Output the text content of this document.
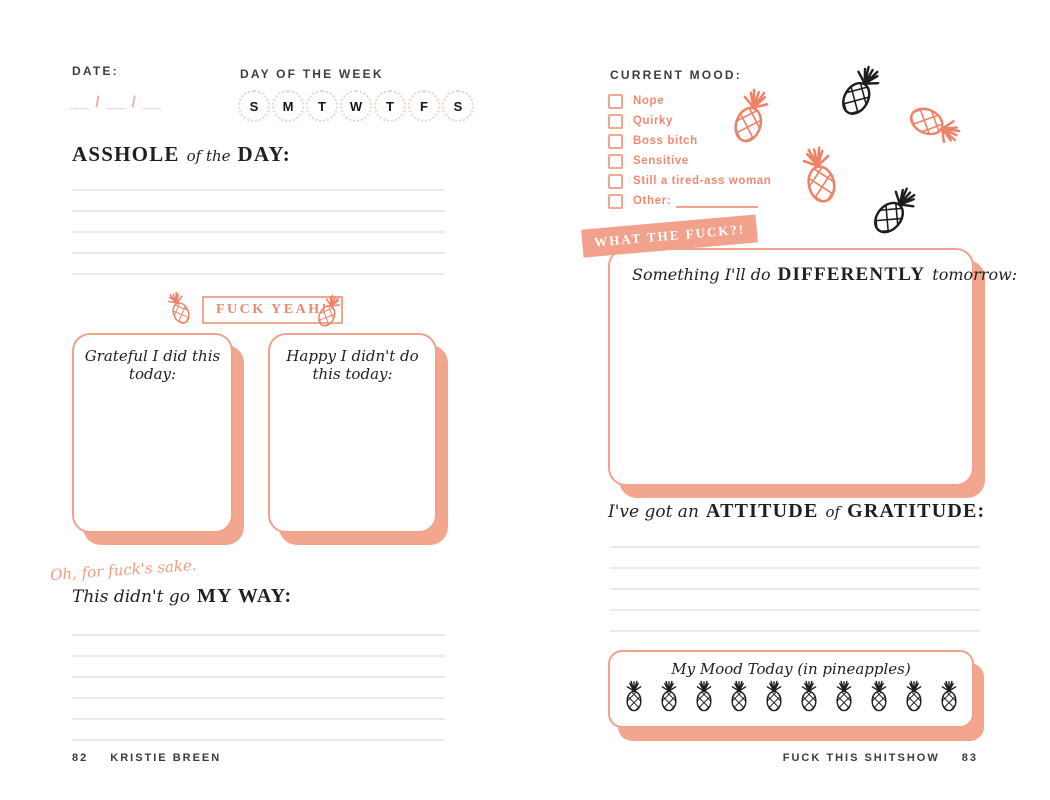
DATE:
__ / __ / __
DAY OF THE WEEK
S	M	T	W	T	F	S
ASSHOLE of the DAY:
FUCK YEAH!
Grateful I did this today:
Happy I didn't do this today:
Oh, for fuck's sake.
This didn't go MY WAY:
82 KRISTIE BREEN
CURRENT MOOD:
Nope
Quirky
Boss bitch
Sensitive
Still a tired-ass woman
Other:
WHAT THE FUCK?!
Something I'll do DIFFERENTLY tomorrow:
I've got an ATTITUDE of GRATITUDE:
My Mood Today (in pineapples)
FUCK THIS SHITSHOW 83
